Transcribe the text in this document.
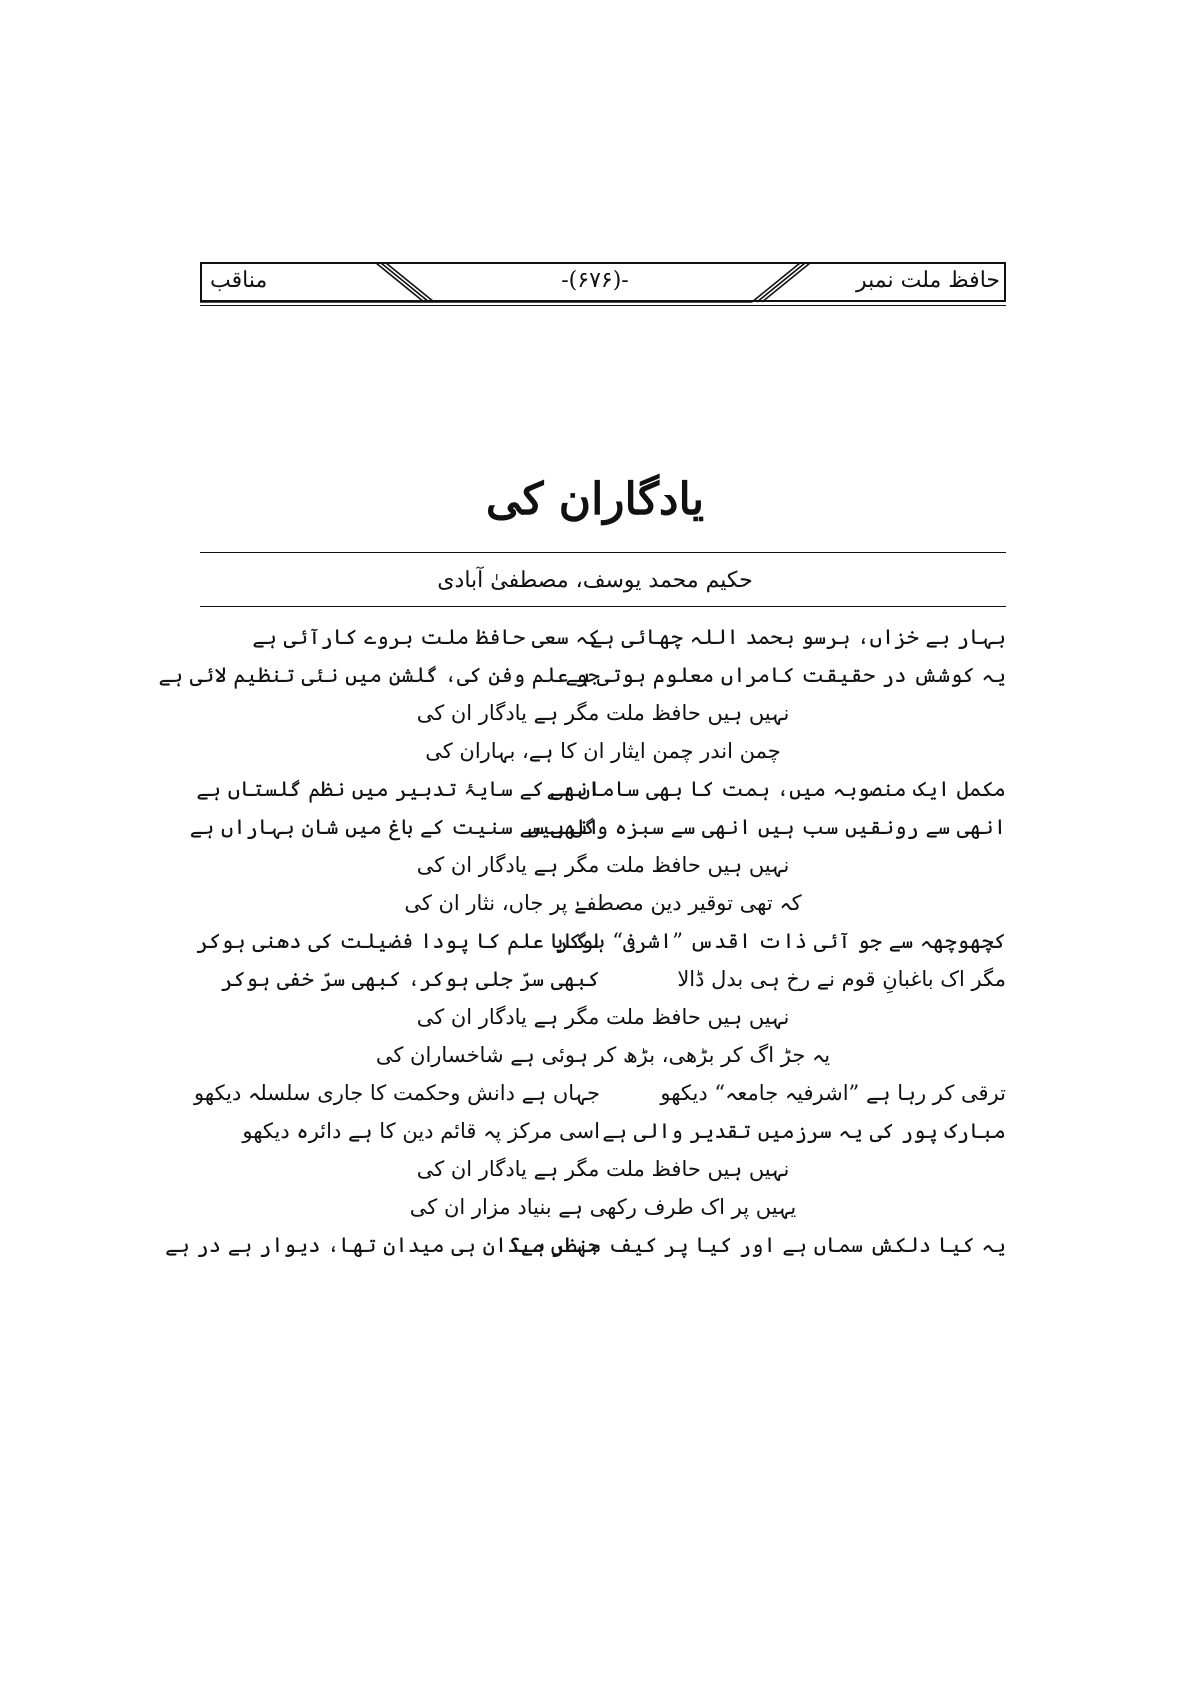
حافظ ملت نمبر
-(۶۷۶)-
مناقب
یادگاران کی
حکیم محمد یوسف، مصطفیٰ آبادی
بہار بے خزاں، ہرسو بحمد اللہ چھائی ہے
کہ سعی حافظ ملت بروے کارآئی ہے
یہ کوشش در حقیقت کامراں معلوم ہوتی ہے
جو علم وفن کی، گلشن میں نئی تنظیم لائی ہے
نہیں ہیں حافظ ملت مگر ہے یادگار ان کی
چمن اندر چمن ایثار ان کا ہے، بہاران کی
مکمل ایک منصوبہ میں، ہمت کا بھی ساماں ہے
انھی کے سایۂ تدبیر میں نظم گلستاں ہے
انھی سے رونقیں سب ہیں انھی سے سبزہ وگل ہیں
انھی سے سنیت کے باغ میں شان بہاراں ہے
نہیں ہیں حافظ ملت مگر ہے یادگار ان کی
کہ تھی توقیر دین مصطفےٰ پر جاں، نثار ان کی
کچھوچھہ سے جو آئی ذات اقدس ”اشرفی“ ہوکر
لگایا علم کا پودا فضیلت کی دھنی ہوکر
مگر اک باغبانِ قوم نے رخ ہی بدل ڈالا
کبھی سرّ جلی ہوکر، کبھی سرّ خفی ہوکر
نہیں ہیں حافظ ملت مگر ہے یادگار ان کی
یہ جڑ اگ کر بڑھی، بڑھ کر ہوئی ہے شاخساران کی
ترقی کر رہا ہے ”اشرفیہ جامعہ“ دیکھو
جہاں ہے دانش وحکمت کا جاری سلسلہ دیکھو
مبارک پور کی یہ سرزمیں تقدیر والی ہے
اسی مرکز پہ قائم دین کا ہے دائرہ دیکھو
نہیں ہیں حافظ ملت مگر ہے یادگار ان کی
یہیں پر اک طرف رکھی ہے بنیاد مزار ان کی
یہ کیا دلکش سماں ہے اور کیا پر کیف منظر ہے؟
جہاں میدان ہی میدان تھا، دیوار ہے در ہے
